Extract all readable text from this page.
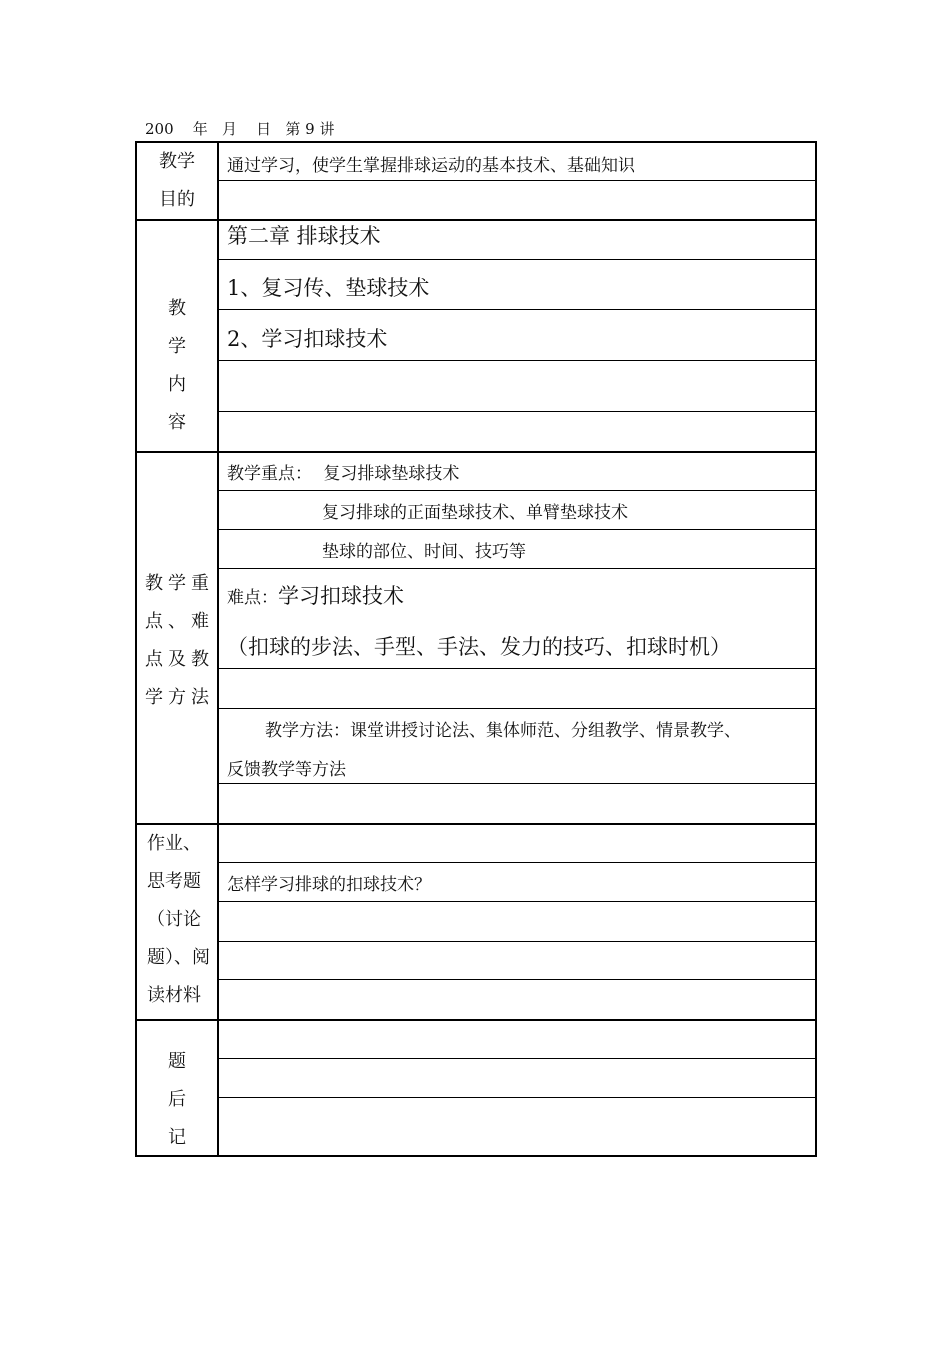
200    年   月    日   第 9 讲
教学
目的
通过学习，使学生掌握排球运动的基本技术、基础知识
教
学
内
容
第二章 排球技术
1、复习传、垫球技术
2、学习扣球技术
教学重
点、难
点及教
学方法
教学重点： 复习排球垫球技术
复习排球的正面垫球技术、单臂垫球技术
垫球的部位、时间、技巧等
难点：学习扣球技术
（扣球的步法、手型、手法、发力的技巧、扣球时机）
教学方法：课堂讲授讨论法、集体师范、分组教学、情景教学、
反馈教学等方法
作业、
思考题
（讨论
题）、阅
读材料
怎样学习排球的扣球技术？
题
后
记
